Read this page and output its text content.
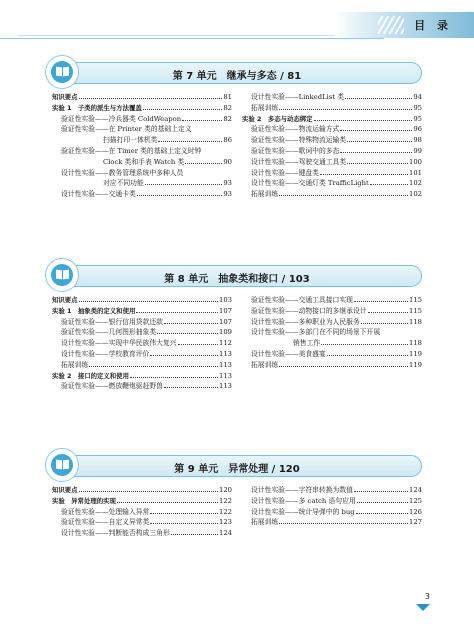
目 录
第 7 单元　继承与多态 / 81
知识要点	81
实验 1　子类的派生与方法覆盖	82
验证性实验——冷兵器类 ColdWeapon	82
验证性实验——在 Printer 类的基础上定义
扫描打印一体机类	86
验证性实验——在 Timer 类的基础上定义时钟
Clock 类和手表 Watch 类	90
设计性实验——教务管理系统中多种人员
对应不同功能	93
设计性实验——交通卡类	93
设计性实验——LinkedList 类	94
拓展训练	95
实验 2　多态与动态绑定	95
验证性实验——物流运输方式	96
验证性实验——特殊物流运输类	98
验证性实验——歌词中的多态	99
设计性实验——驾驶交通工具类	100
设计性实验——键盘类	101
设计性实验——交通灯类 TrafficLight	102
拓展训练	102
第 8 单元　抽象类和接口 / 103
知识要点	103
实验 1　抽象类的定义和使用	107
验证性实验——银行信用贷款还款	107
验证性实验——几何图形抽象类	109
设计性实验——实现中华民族伟大复兴	112
设计性实验——学校教育评价	113
拓展训练	113
实验 2　接口的定义和使用	113
验证性实验——燃放鞭炮驱赶野兽	113
验证性实验——交通工具接口实现	115
验证性实验——动物接口的多继承设计	115
设计性实验——多种职业为人民服务	118
设计性实验——多部门在不同的场景下开展
销售工作	118
设计性实验——美食盛宴	119
拓展训练	119
第 9 单元　异常处理 / 120
知识要点	120
实验　异常处理的实现	122
验证性实验——处理输入异常	122
验证性实验——自定义异常类	123
设计性实验——判断能否构成三角形	124
设计性实验——字符串转换为数值	124
设计性实验——多 catch 语句应用	125
设计性实验——统计导弹中的 bug	126
拓展训练	127
3
